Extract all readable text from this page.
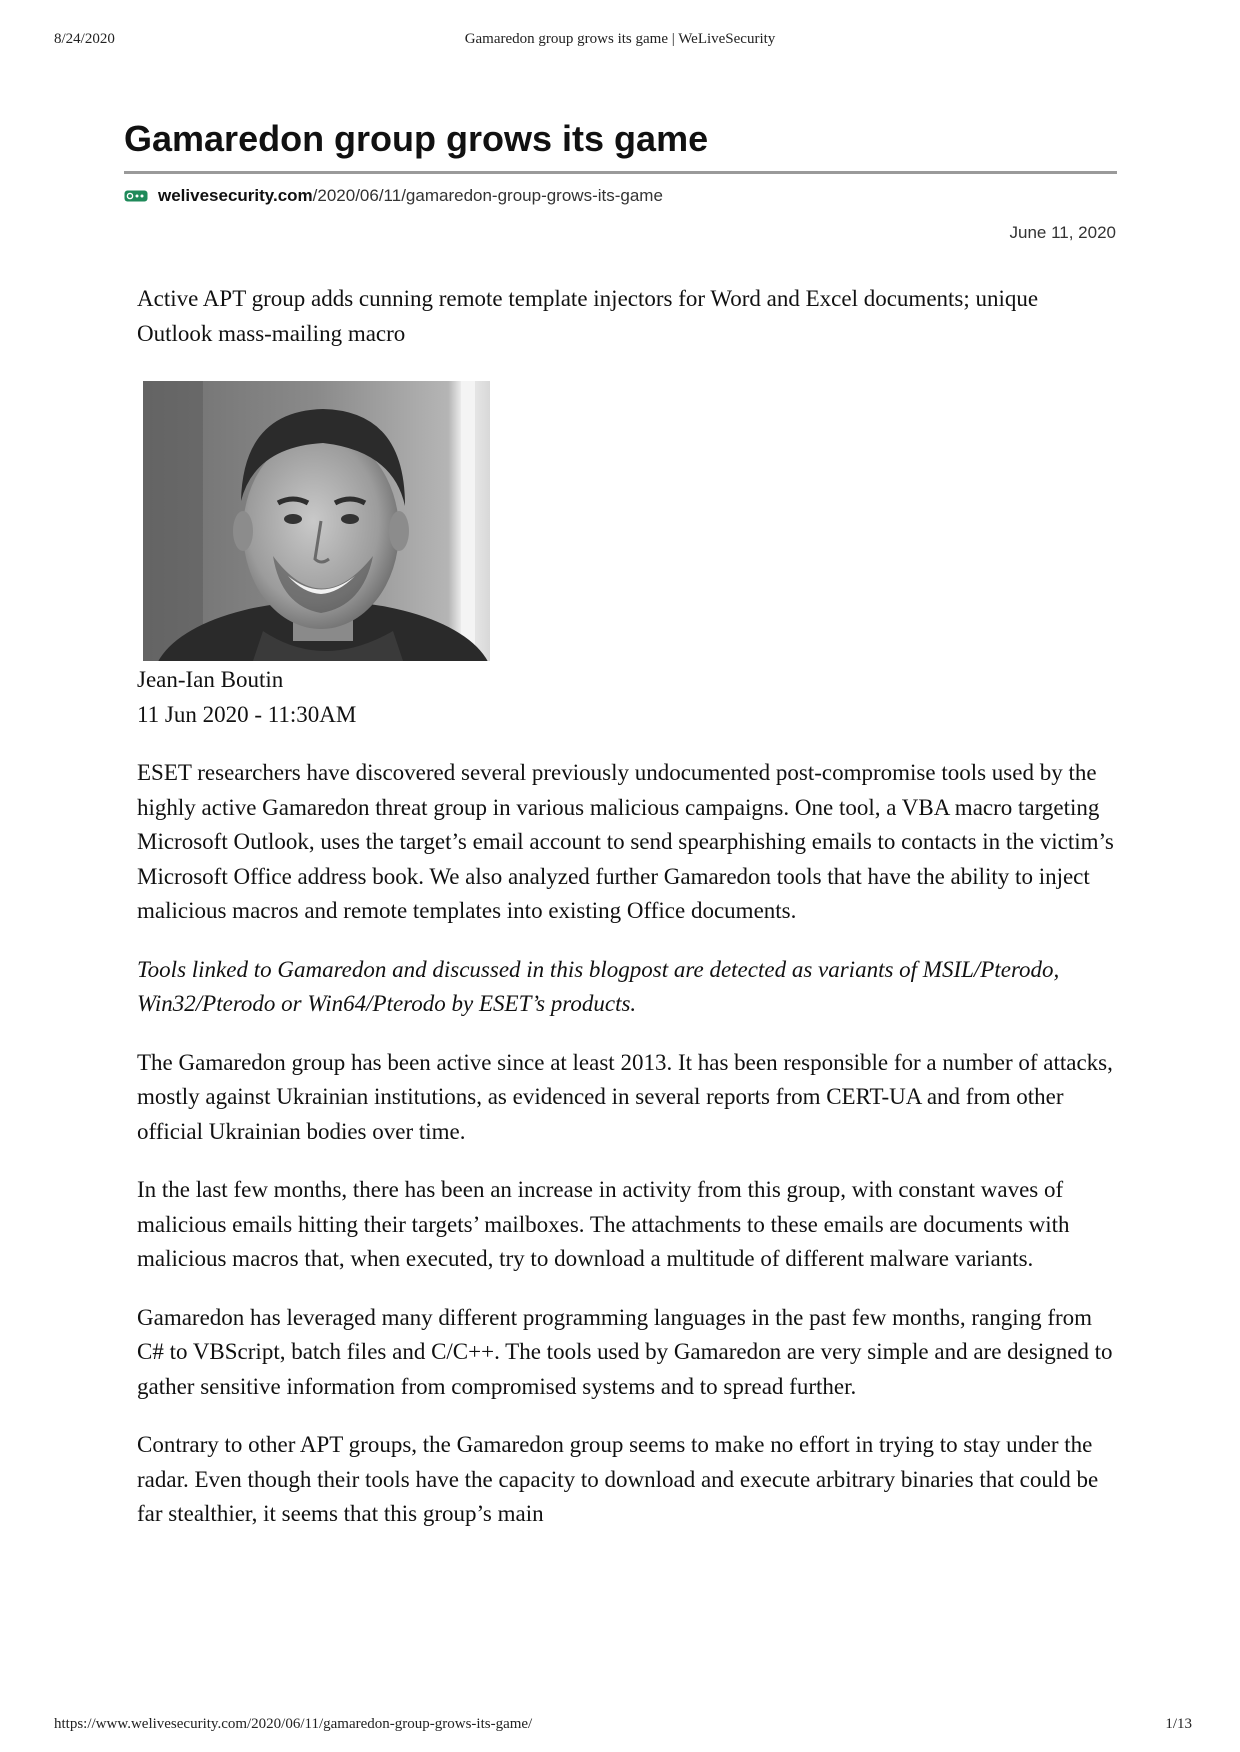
Gamaredon group grows its game | WeLiveSecurity
8/24/2020
Gamaredon group grows its game
welivesecurity.com /2020/06/11/gamaredon-group-grows-its-game
June 11, 2020

Active APT group adds cunning remote template injectors for Word and Excel documents; unique Outlook mass-mailing macro

Jean-Ian Boutin
11 Jun 2020 - 11:30AM

ESET researchers have discovered several previously undocumented post-compromise tools used by the highly active Gamaredon threat group in various malicious campaigns. One tool, a VBA macro targeting Microsoft Outlook, uses the target’s email account to send spearphishing emails to contacts in the victim’s Microsoft Office address book. We also analyzed further Gamaredon tools that have the ability to inject malicious macros and remote templates into existing Office documents.

Tools linked to Gamaredon and discussed in this blogpost are detected as variants of MSIL/Pterodo, Win32/Pterodo or Win64/Pterodo by ESET’s products.

The Gamaredon group has been active since at least 2013. It has been responsible for a number of attacks, mostly against Ukrainian institutions, as evidenced in several reports from CERT-UA and from other official Ukrainian bodies over time.

In the last few months, there has been an increase in activity from this group, with constant waves of malicious emails hitting their targets’ mailboxes. The attachments to these emails are documents with malicious macros that, when executed, try to download a multitude of different malware variants.

Gamaredon has leveraged many different programming languages in the past few months, ranging from C# to VBScript, batch files and C/C++. The tools used by Gamaredon are very simple and are designed to gather sensitive information from compromised systems and to spread further.

Contrary to other APT groups, the Gamaredon group seems to make no effort in trying to stay under the radar. Even though their tools have the capacity to download and execute arbitrary binaries that could be far stealthier, it seems that this group’s main

https://www.welivesecurity.com/2020/06/11/gamaredon-group-grows-its-game/	1/13
